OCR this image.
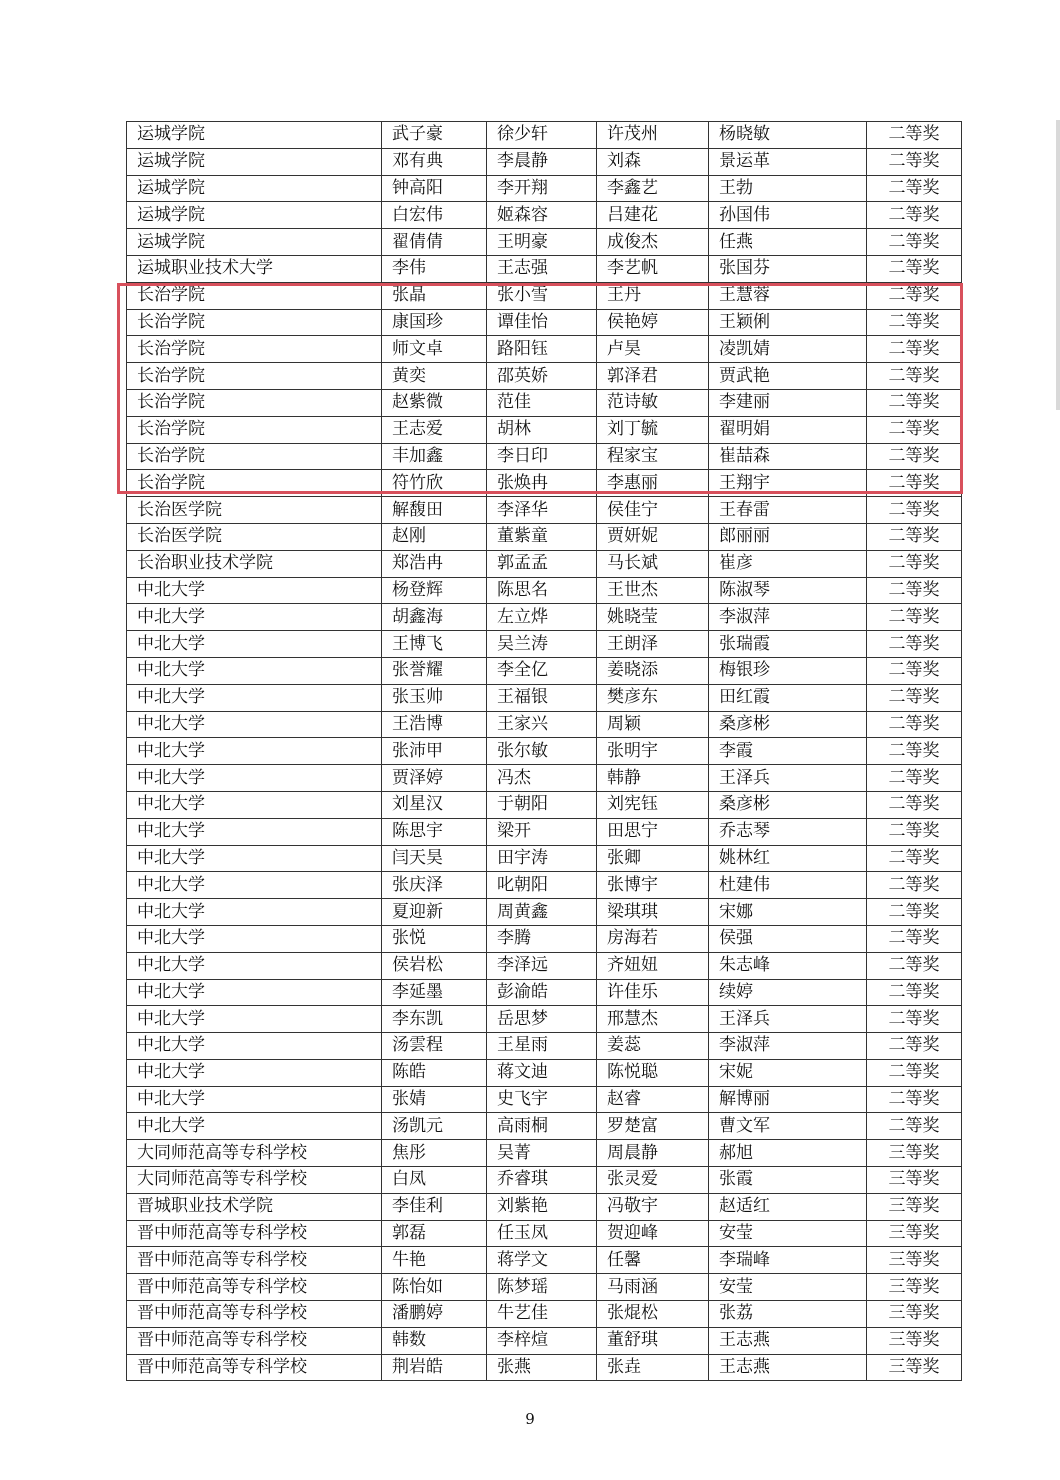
运城学院	武子豪	徐少轩	许茂州	杨晓敏	二等奖
运城学院	邓有典	李晨静	刘森	景运革	二等奖
运城学院	钟高阳	李开翔	李鑫艺	王勃	二等奖
运城学院	白宏伟	姬森容	吕建花	孙国伟	二等奖
运城学院	翟倩倩	王明豪	成俊杰	任燕	二等奖
运城职业技术大学	李伟	王志强	李艺帆	张国芬	二等奖
长治学院	张晶	张小雪	王丹	王慧蓉	二等奖
长治学院	康国珍	谭佳怡	侯艳婷	王颖俐	二等奖
长治学院	师文卓	路阳钰	卢昊	凌凯婧	二等奖
长治学院	黄奕	邵英娇	郭泽君	贾武艳	二等奖
长治学院	赵紫微	范佳	范诗敏	李建丽	二等奖
长治学院	王志爱	胡林	刘丁毓	翟明娟	二等奖
长治学院	丰加鑫	李日印	程家宝	崔喆森	二等奖
长治学院	符竹欣	张焕冉	李惠丽	王翔宇	二等奖
长治医学院	解馥田	李泽华	侯佳宁	王春雷	二等奖
长治医学院	赵刚	董紫童	贾妍妮	郎丽丽	二等奖
长治职业技术学院	郑浩冉	郭孟孟	马长斌	崔彦	二等奖
中北大学	杨登辉	陈思名	王世杰	陈淑琴	二等奖
中北大学	胡鑫海	左立烨	姚晓莹	李淑萍	二等奖
中北大学	王博飞	吴兰涛	王朗泽	张瑞霞	二等奖
中北大学	张誉耀	李全亿	姜晓添	梅银珍	二等奖
中北大学	张玉帅	王福银	樊彦东	田红霞	二等奖
中北大学	王浩博	王家兴	周颖	桑彦彬	二等奖
中北大学	张沛甲	张尔敏	张明宇	李霞	二等奖
中北大学	贾泽婷	冯杰	韩静	王泽兵	二等奖
中北大学	刘星汉	于朝阳	刘宪钰	桑彦彬	二等奖
中北大学	陈思宇	梁开	田思宁	乔志琴	二等奖
中北大学	闫天昊	田宇涛	张卿	姚林红	二等奖
中北大学	张庆泽	叱朝阳	张博宇	杜建伟	二等奖
中北大学	夏迎新	周黄鑫	梁琪琪	宋娜	二等奖
中北大学	张悦	李腾	房海若	侯强	二等奖
中北大学	侯岩松	李泽远	齐妞妞	朱志峰	二等奖
中北大学	李延墨	彭渝皓	许佳乐	续婷	二等奖
中北大学	李东凯	岳思梦	邢慧杰	王泽兵	二等奖
中北大学	汤雲程	王星雨	姜蕊	李淑萍	二等奖
中北大学	陈皓	蒋文迪	陈悦聪	宋妮	二等奖
中北大学	张婧	史飞宇	赵睿	解博丽	二等奖
中北大学	汤凯元	高雨桐	罗楚富	曹文军	二等奖
大同师范高等专科学校	焦彤	吴菁	周晨静	郝旭	三等奖
大同师范高等专科学校	白凤	乔睿琪	张灵爱	张霞	三等奖
晋城职业技术学院	李佳利	刘紫艳	冯敬宇	赵适红	三等奖
晋中师范高等专科学校	郭磊	任玉凤	贺迎峰	安莹	三等奖
晋中师范高等专科学校	牛艳	蒋学文	任馨	李瑞峰	三等奖
晋中师范高等专科学校	陈怡如	陈梦瑶	马雨涵	安莹	三等奖
晋中师范高等专科学校	潘鹏婷	牛艺佳	张焜松	张荔	三等奖
晋中师范高等专科学校	韩数	李梓煊	董舒琪	王志燕	三等奖
晋中师范高等专科学校	荆岩皓	张燕	张垚	王志燕	三等奖
9
